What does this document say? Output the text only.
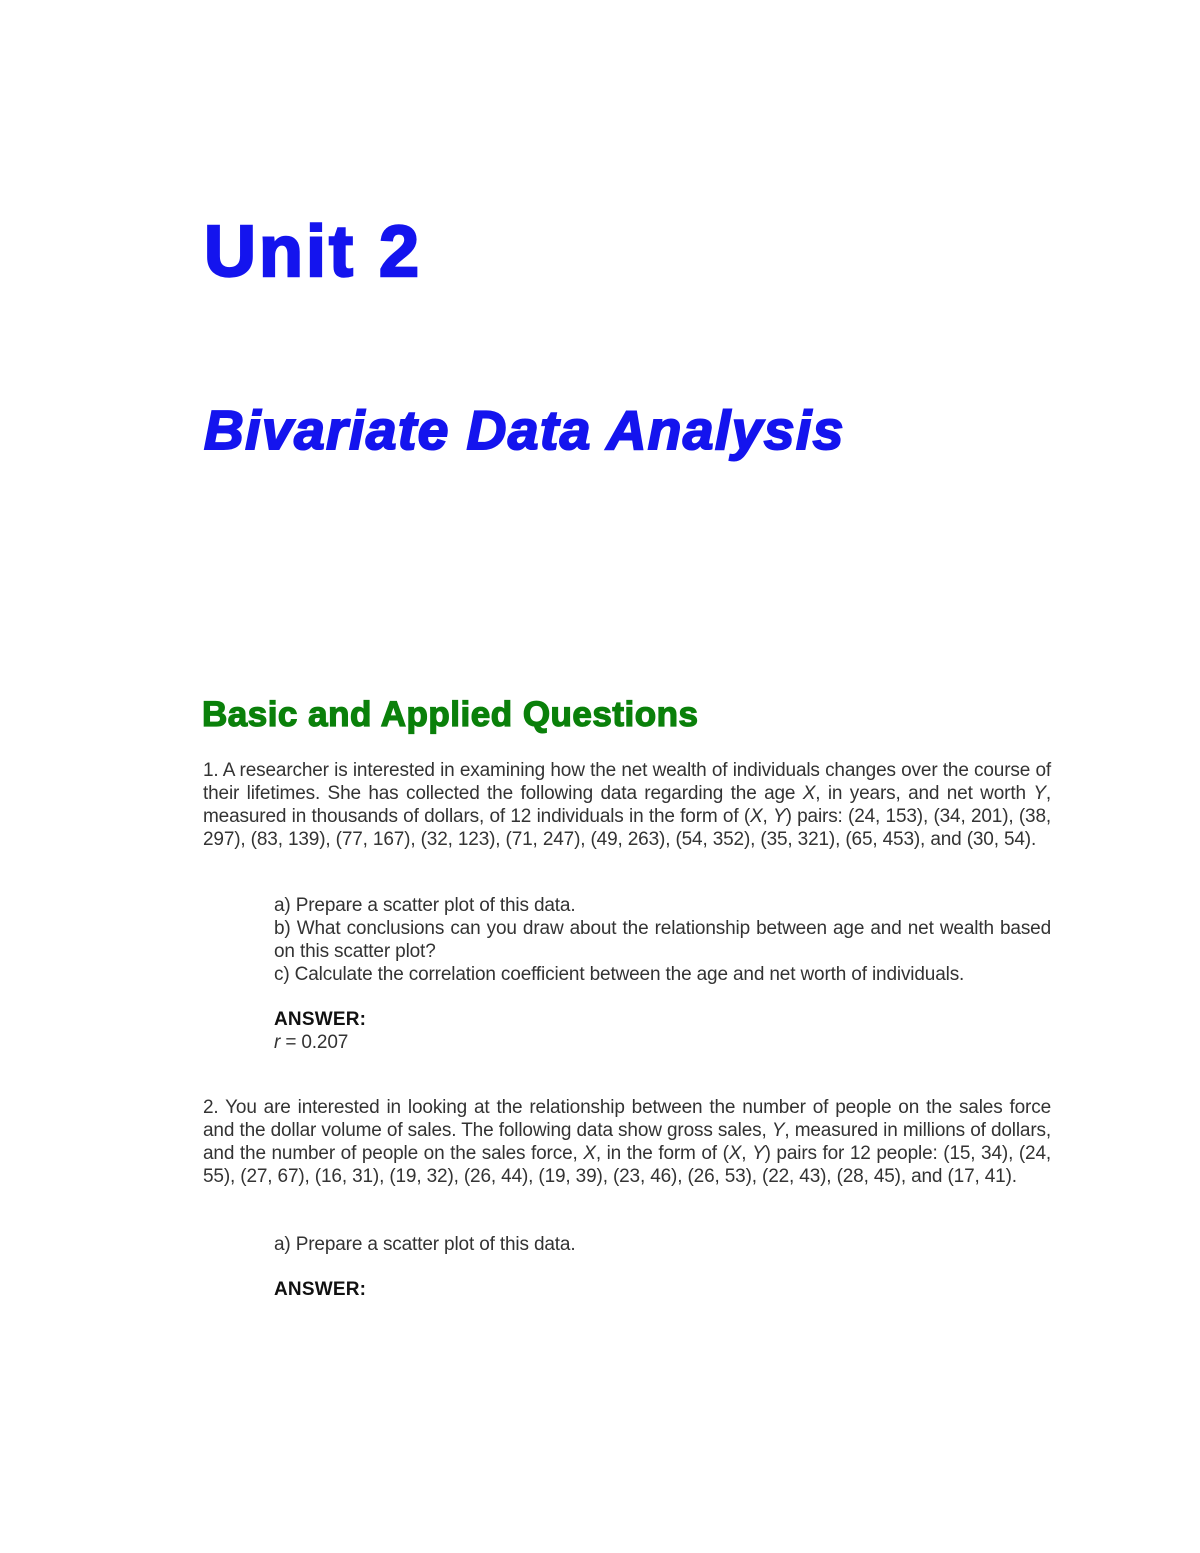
Unit 2
Bivariate Data Analysis
Basic and Applied Questions
1. A researcher is interested in examining how the net wealth of individuals changes over the course of their lifetimes. She has collected the following data regarding the age X, in years, and net worth Y, measured in thousands of dollars, of 12 individuals in the form of (X, Y) pairs: (24, 153), (34, 201), (38, 297), (83, 139), (77, 167), (32, 123), (71, 247), (49, 263), (54, 352), (35, 321), (65, 453), and (30, 54).
a) Prepare a scatter plot of this data.
b) What conclusions can you draw about the relationship between age and net wealth based on this scatter plot?
c) Calculate the correlation coefficient between the age and net worth of individuals.
ANSWER:
r = 0.207
2. You are interested in looking at the relationship between the number of people on the sales force and the dollar volume of sales. The following data show gross sales, Y, measured in millions of dollars, and the number of people on the sales force, X, in the form of (X, Y) pairs for 12 people: (15, 34), (24, 55), (27, 67), (16, 31), (19, 32), (26, 44), (19, 39), (23, 46), (26, 53), (22, 43), (28, 45), and (17, 41).
a) Prepare a scatter plot of this data.
ANSWER:
